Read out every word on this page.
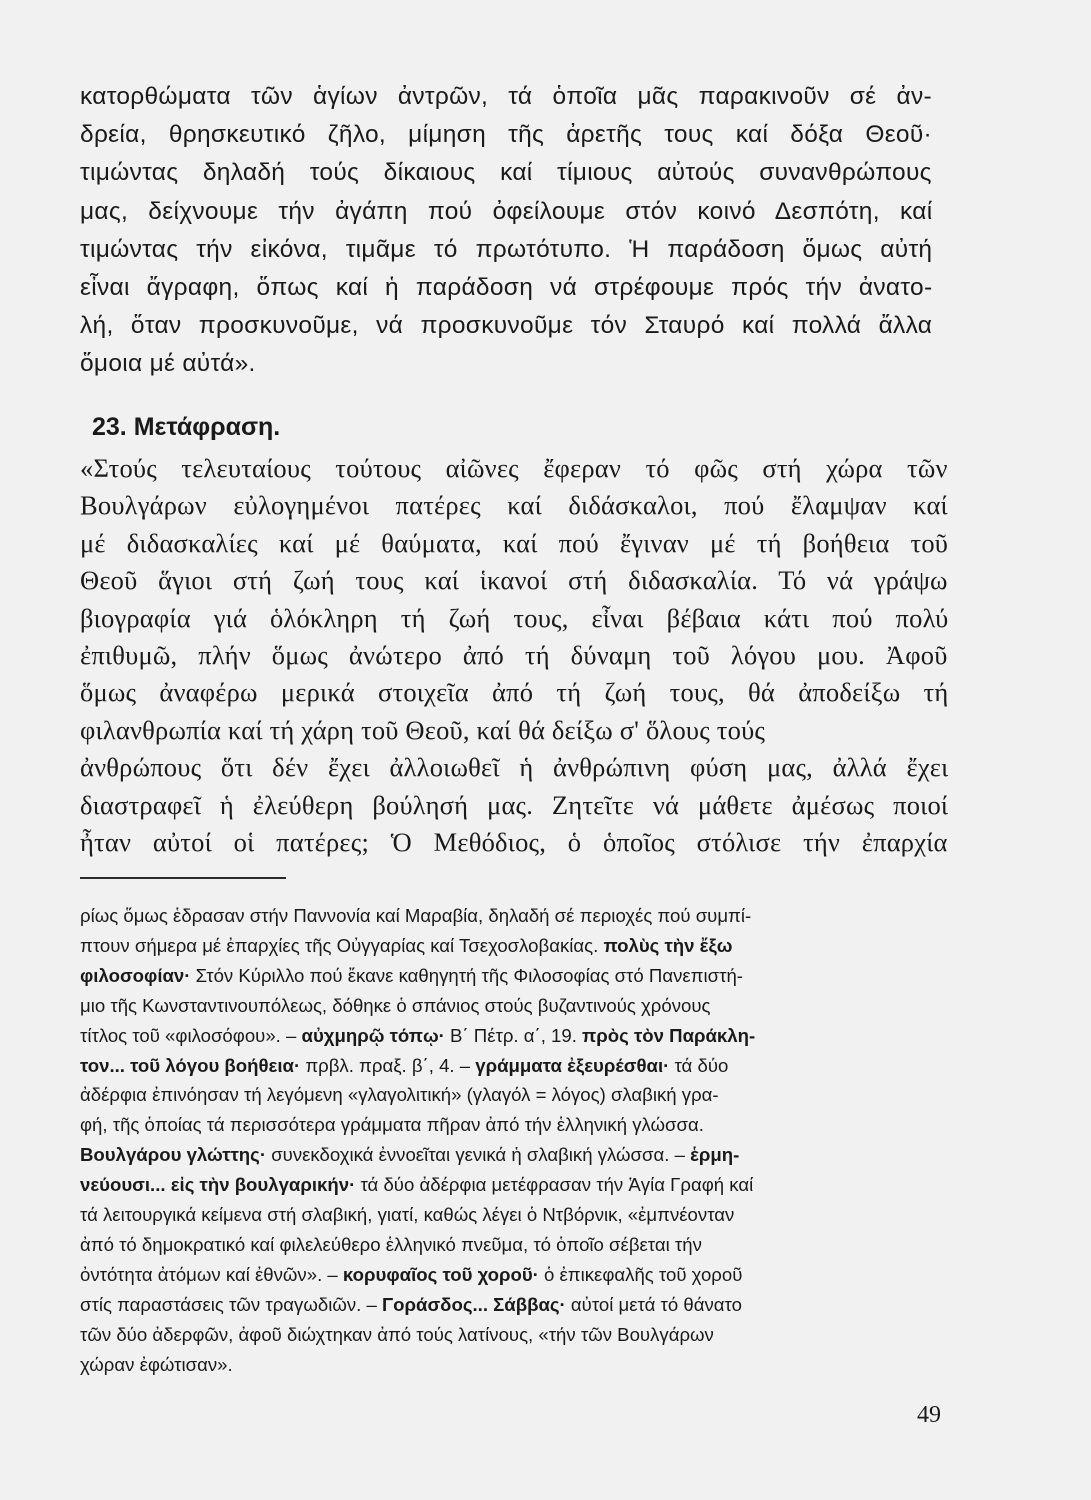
κατορθώματα τῶν ἁγίων ἀντρῶν, τά ὁποῖα μᾶς παρακινοῦν σέ ἀν-
δρεία, θρησκευτικό ζῆλο, μίμηση τῆς ἀρετῆς τους καί δόξα Θεοῦ·
τιμώντας δηλαδή τούς δίκαιους καί τίμιους αὐτούς συνανθρώπους
μας, δείχνουμε τήν ἀγάπη πού ὀφείλουμε στόν κοινό Δεσπότη, καί
τιμώντας τήν εἰκόνα, τιμᾶμε τό πρωτότυπο. Ἡ παράδοση ὅμως αὐτή
εἶναι ἄγραφη, ὅπως καί ἡ παράδοση νά στρέφουμε πρός τήν ἀνατο-
λή, ὅταν προσκυνοῦμε, νά προσκυνοῦμε τόν Σταυρό καί πολλά ἄλλα
ὅμοια μέ αὐτά».
23. Μετάφραση.
«Στούς τελευταίους τούτους αἰῶνες ἔφεραν τό φῶς στή χώρα τῶν
Βουλγάρων εὐλογημένοι πατέρες καί διδάσκαλοι, πού ἔλαμψαν καί
μέ διδασκαλίες καί μέ θαύματα, καί πού ἔγιναν μέ τή βοήθεια τοῦ
Θεοῦ ἅγιοι στή ζωή τους καί ἱκανοί στή διδασκαλία. Τό νά γράψω
βιογραφία γιά ὁλόκληρη τή ζωή τους, εἶναι βέβαια κάτι πού πολύ
ἐπιθυμῶ, πλήν ὅμως ἀνώτερο ἀπό τή δύναμη τοῦ λόγου μου. Ἀφοῦ
ὅμως ἀναφέρω μερικά στοιχεῖα ἀπό τή ζωή τους, θά ἀποδείξω τή
φιλανθρωπία καί τή χάρη τοῦ Θεοῦ, καί θά δείξω σ' ὅλους τούς
ἀνθρώπους ὅτι δέν ἔχει ἀλλοιωθεῖ ἡ ἀνθρώπινη φύση μας, ἀλλά ἔχει
διαστραφεῖ ἡ ἐλεύθερη βούλησή μας. Ζητεῖτε νά μάθετε ἀμέσως ποιοί
ἦταν αὐτοί οἱ πατέρες; Ὁ Μεθόδιος, ὁ ὁποῖος στόλισε τήν ἐπαρχία
ρίως ὅμως ἑδρασαν στήν Παννονία καί Μαραβία, δηλαδή σέ περιοχές πού συμπί-
πτουν σήμερα μέ ἐπαρχίες τῆς Οὐγγαρίας καί Τσεχοσλοβακίας. πολὺς τὴν ἔξω
φιλοσοφίαν· Στόν Κύριλλο πού ἔκανε καθηγητή τῆς Φιλοσοφίας στό Πανεπιστή-
μιο τῆς Κωνσταντινουπόλεως, δόθηκε ὁ σπάνιος στούς βυζαντινούς χρόνους
τίτλος τοῦ «φιλοσόφου». – αὐχμηρῷ τόπῳ· Β΄ Πέτρ. α΄, 19. πρὸς τὸν Παράκλη-
τον... τοῦ λόγου βοήθεια· πρβλ. πραξ. β΄, 4. – γράμματα ἐξευρέσθαι· τά δύο
ἀδέρφια ἐπινόησαν τή λεγόμενη «γλαγολιτική» (γλαγόλ = λόγος) σλαβική γρα-
φή, τῆς ὁποίας τά περισσότερα γράμματα πῆραν ἀπό τήν ἑλληνική γλώσσα.
Βουλγάρου γλώττης· συνεκδοχικά ἐννοεῖται γενικά ἡ σλαβική γλώσσα. – ἑρμη-
νεύουσι... εἰς τὴν βουλγαρικήν· τά δύο ἀδέρφια μετέφρασαν τήν Ἁγία Γραφή καί
τά λειτουργικά κείμενα στή σλαβική, γιατί, καθώς λέγει ὁ Ντβόρνικ, «ἐμπνέονταν
ἀπό τό δημοκρατικό καί φιλελεύθερο ἑλληνικό πνεῦμα, τό ὁποῖο σέβεται τήν
ὀντότητα ἀτόμων καί ἐθνῶν». – κορυφαῖος τοῦ χοροῦ· ὁ ἐπικεφαλῆς τοῦ χοροῦ
στίς παραστάσεις τῶν τραγωδιῶν. – Γοράσδος... Σάββας· αὐτοί μετά τό θάνατο
τῶν δύο ἀδερφῶν, ἀφοῦ διώχτηκαν ἀπό τούς λατίνους, «τήν τῶν Βουλγάρων
χώραν ἐφώτισαν».
49
